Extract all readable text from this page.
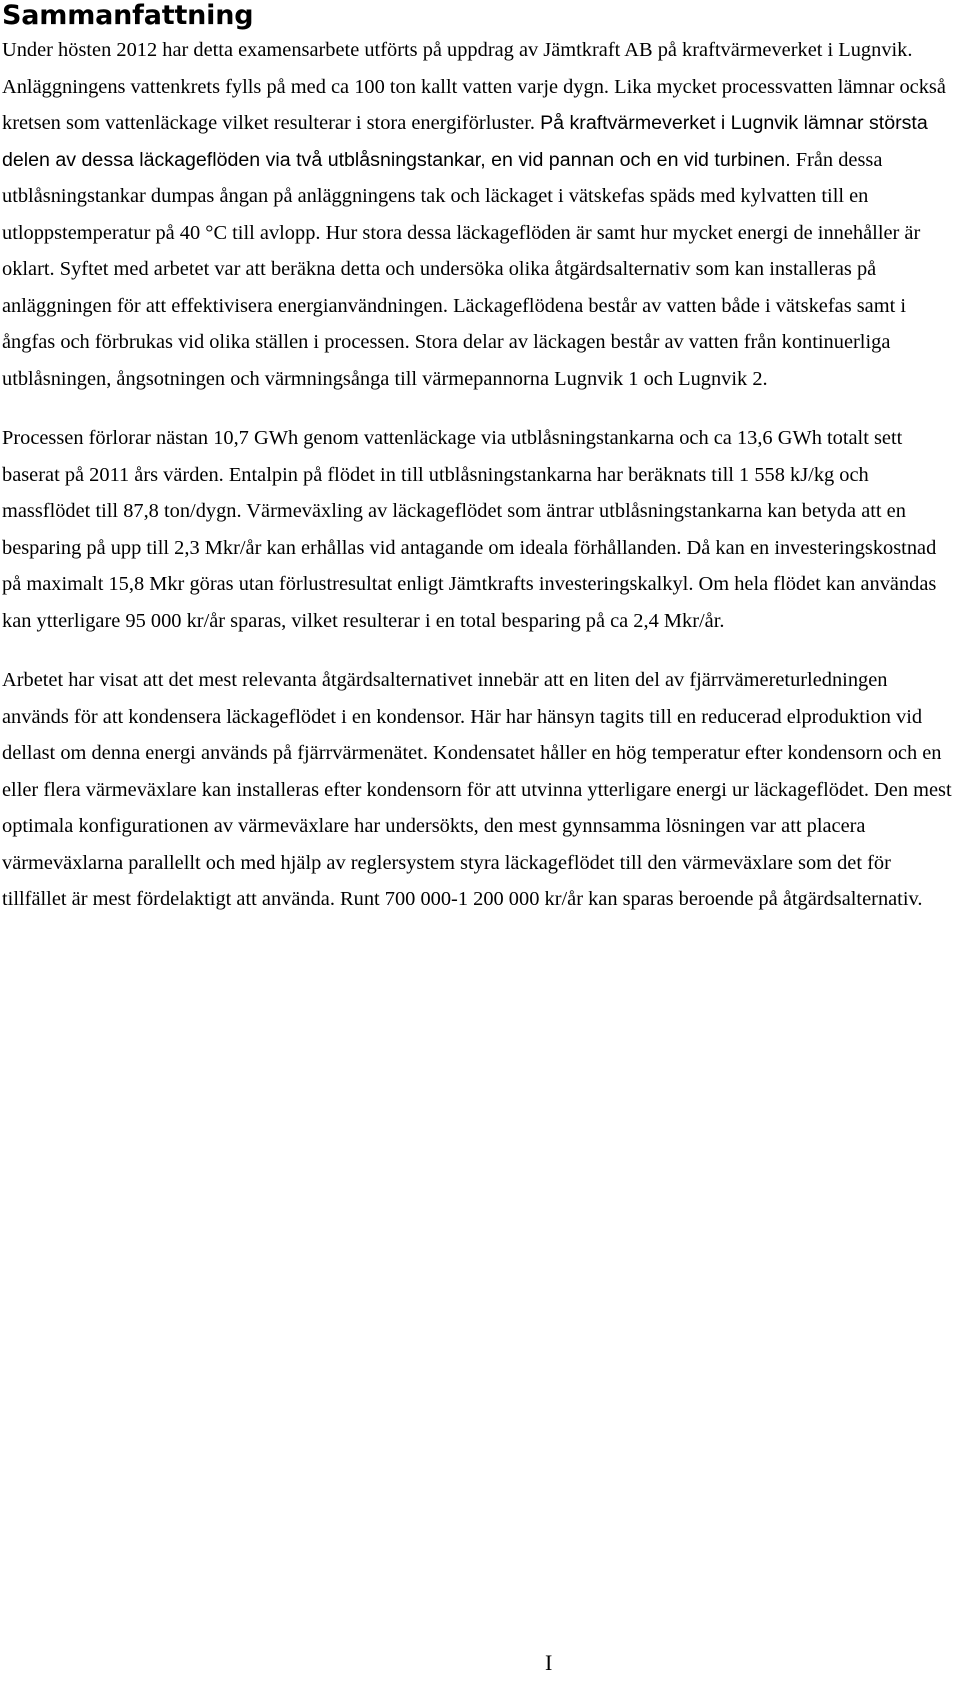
Sammanfattning

Under hösten 2012 har detta examensarbete utförts på uppdrag av Jämtkraft AB på kraftvärmeverket i Lugnvik. Anläggningens vattenkrets fylls på med ca 100 ton kallt vatten varje dygn. Lika mycket processvatten lämnar också kretsen som vattenläckage vilket resulterar i stora energiförluster. På kraftvärmeverket i Lugnvik lämnar största delen av dessa läckageflöden via två utblåsningstankar, en vid pannan och en vid turbinen. Från dessa utblåsningstankar dumpas ångan på anläggningens tak och läckaget i vätskefas späds med kylvatten till en utloppstemperatur på 40 °C till avlopp. Hur stora dessa läckageflöden är samt hur mycket energi de innehåller är oklart. Syftet med arbetet var att beräkna detta och undersöka olika åtgärdsalternativ som kan installeras på anläggningen för att effektivisera energianvändningen. Läckageflödena består av vatten både i vätskefas samt i ångfas och förbrukas vid olika ställen i processen. Stora delar av läckagen består av vatten från kontinuerliga utblåsningen, ångsotningen och värmningsånga till värmepannorna Lugnvik 1 och Lugnvik 2.

Processen förlorar nästan 10,7 GWh genom vattenläckage via utblåsningstankarna och ca 13,6 GWh totalt sett baserat på 2011 års värden. Entalpin på flödet in till utblåsningstankarna har beräknats till 1 558 kJ/kg och massflödet till 87,8 ton/dygn. Värmeväxling av läckageflödet som äntrar utblåsningstankarna kan betyda att en besparing på upp till 2,3 Mkr/år kan erhållas vid antagande om ideala förhållanden. Då kan en investeringskostnad på maximalt 15,8 Mkr göras utan förlustresultat enligt Jämtkrafts investeringskalkyl. Om hela flödet kan användas kan ytterligare 95 000 kr/år sparas, vilket resulterar i en total besparing på ca 2,4 Mkr/år.

Arbetet har visat att det mest relevanta åtgärdsalternativet innebär att en liten del av fjärrvämereturledningen används för att kondensera läckageflödet i en kondensor. Här har hänsyn tagits till en reducerad elproduktion vid dellast om denna energi används på fjärrvärmenätet. Kondensatet håller en hög temperatur efter kondensorn och en eller flera värmeväxlare kan installeras efter kondensorn för att utvinna ytterligare energi ur läckageflödet. Den mest optimala konfigurationen av värmeväxlare har undersökts, den mest gynnsamma lösningen var att placera värmeväxlarna parallellt och med hjälp av reglersystem styra läckageflödet till den värmeväxlare som det för tillfället är mest fördelaktigt att använda. Runt 700 000-1 200 000 kr/år kan sparas beroende på åtgärdsalternativ.

I
